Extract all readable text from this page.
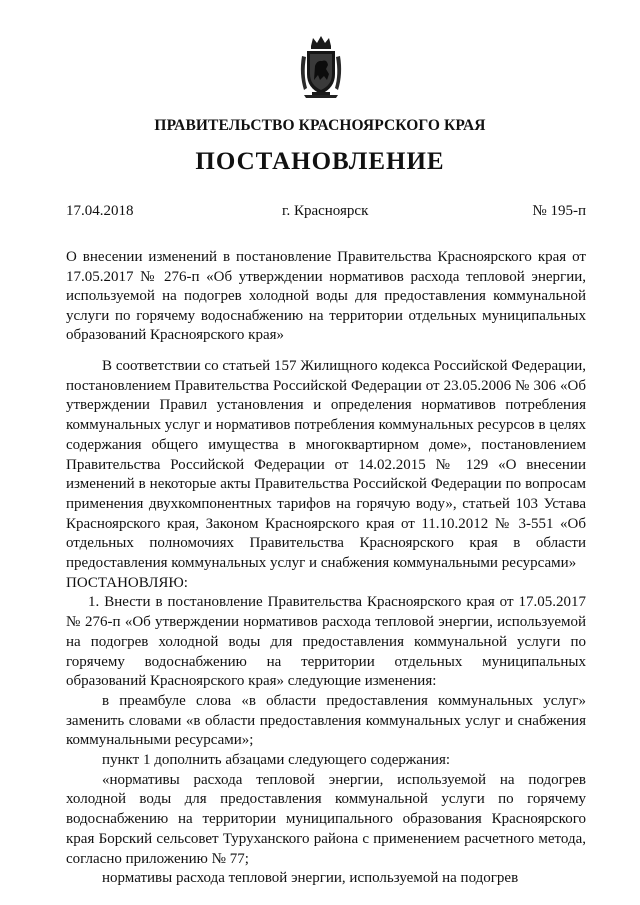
ПРАВИТЕЛЬСТВО КРАСНОЯРСКОГО КРАЯ
ПОСТАНОВЛЕНИЕ
17.04.2018	г. Красноярск	№ 195-п
О внесении изменений в постановление Правительства Красноярского края от 17.05.2017 № 276-п «Об утверждении нормативов расхода тепловой энергии, используемой на подогрев холодной воды для предоставления коммунальной услуги по горячему водоснабжению на территории отдельных муниципальных образований Красноярского края»

В соответствии со статьей 157 Жилищного кодекса Российской Федерации, постановлением Правительства Российской Федерации от 23.05.2006 № 306 «Об утверждении Правил установления и определения нормативов потребления коммунальных услуг и нормативов потребления коммунальных ресурсов в целях содержания общего имущества в многоквартирном доме», постановлением Правительства Российской Федерации от 14.02.2015 № 129 «О внесении изменений в некоторые акты Правительства Российской Федерации по вопросам применения двухкомпонентных тарифов на горячую воду», статьей 103 Устава Красноярского края, Законом Красноярского края от 11.10.2012 № 3-551 «Об отдельных полномочиях Правительства Красноярского края в области предоставления коммунальных услуг и снабжения коммунальными ресурсами»

ПОСТАНОВЛЯЮ:

1. Внести в постановление Правительства Красноярского края от 17.05.2017 № 276-п «Об утверждении нормативов расхода тепловой энергии, используемой на подогрев холодной воды для предоставления коммунальной услуги по горячему водоснабжению на территории отдельных муниципальных образований Красноярского края» следующие изменения:

в преамбуле слова «в области предоставления коммунальных услуг» заменить словами «в области предоставления коммунальных услуг и снабжения коммунальными ресурсами»;

пункт 1 дополнить абзацами следующего содержания:

«нормативы расхода тепловой энергии, используемой на подогрев холодной воды для предоставления коммунальной услуги по горячему водоснабжению на территории муниципального образования Красноярского края Борский сельсовет Туруханского района с применением расчетного метода, согласно приложению № 77;

нормативы расхода тепловой энергии, используемой на подогрев
